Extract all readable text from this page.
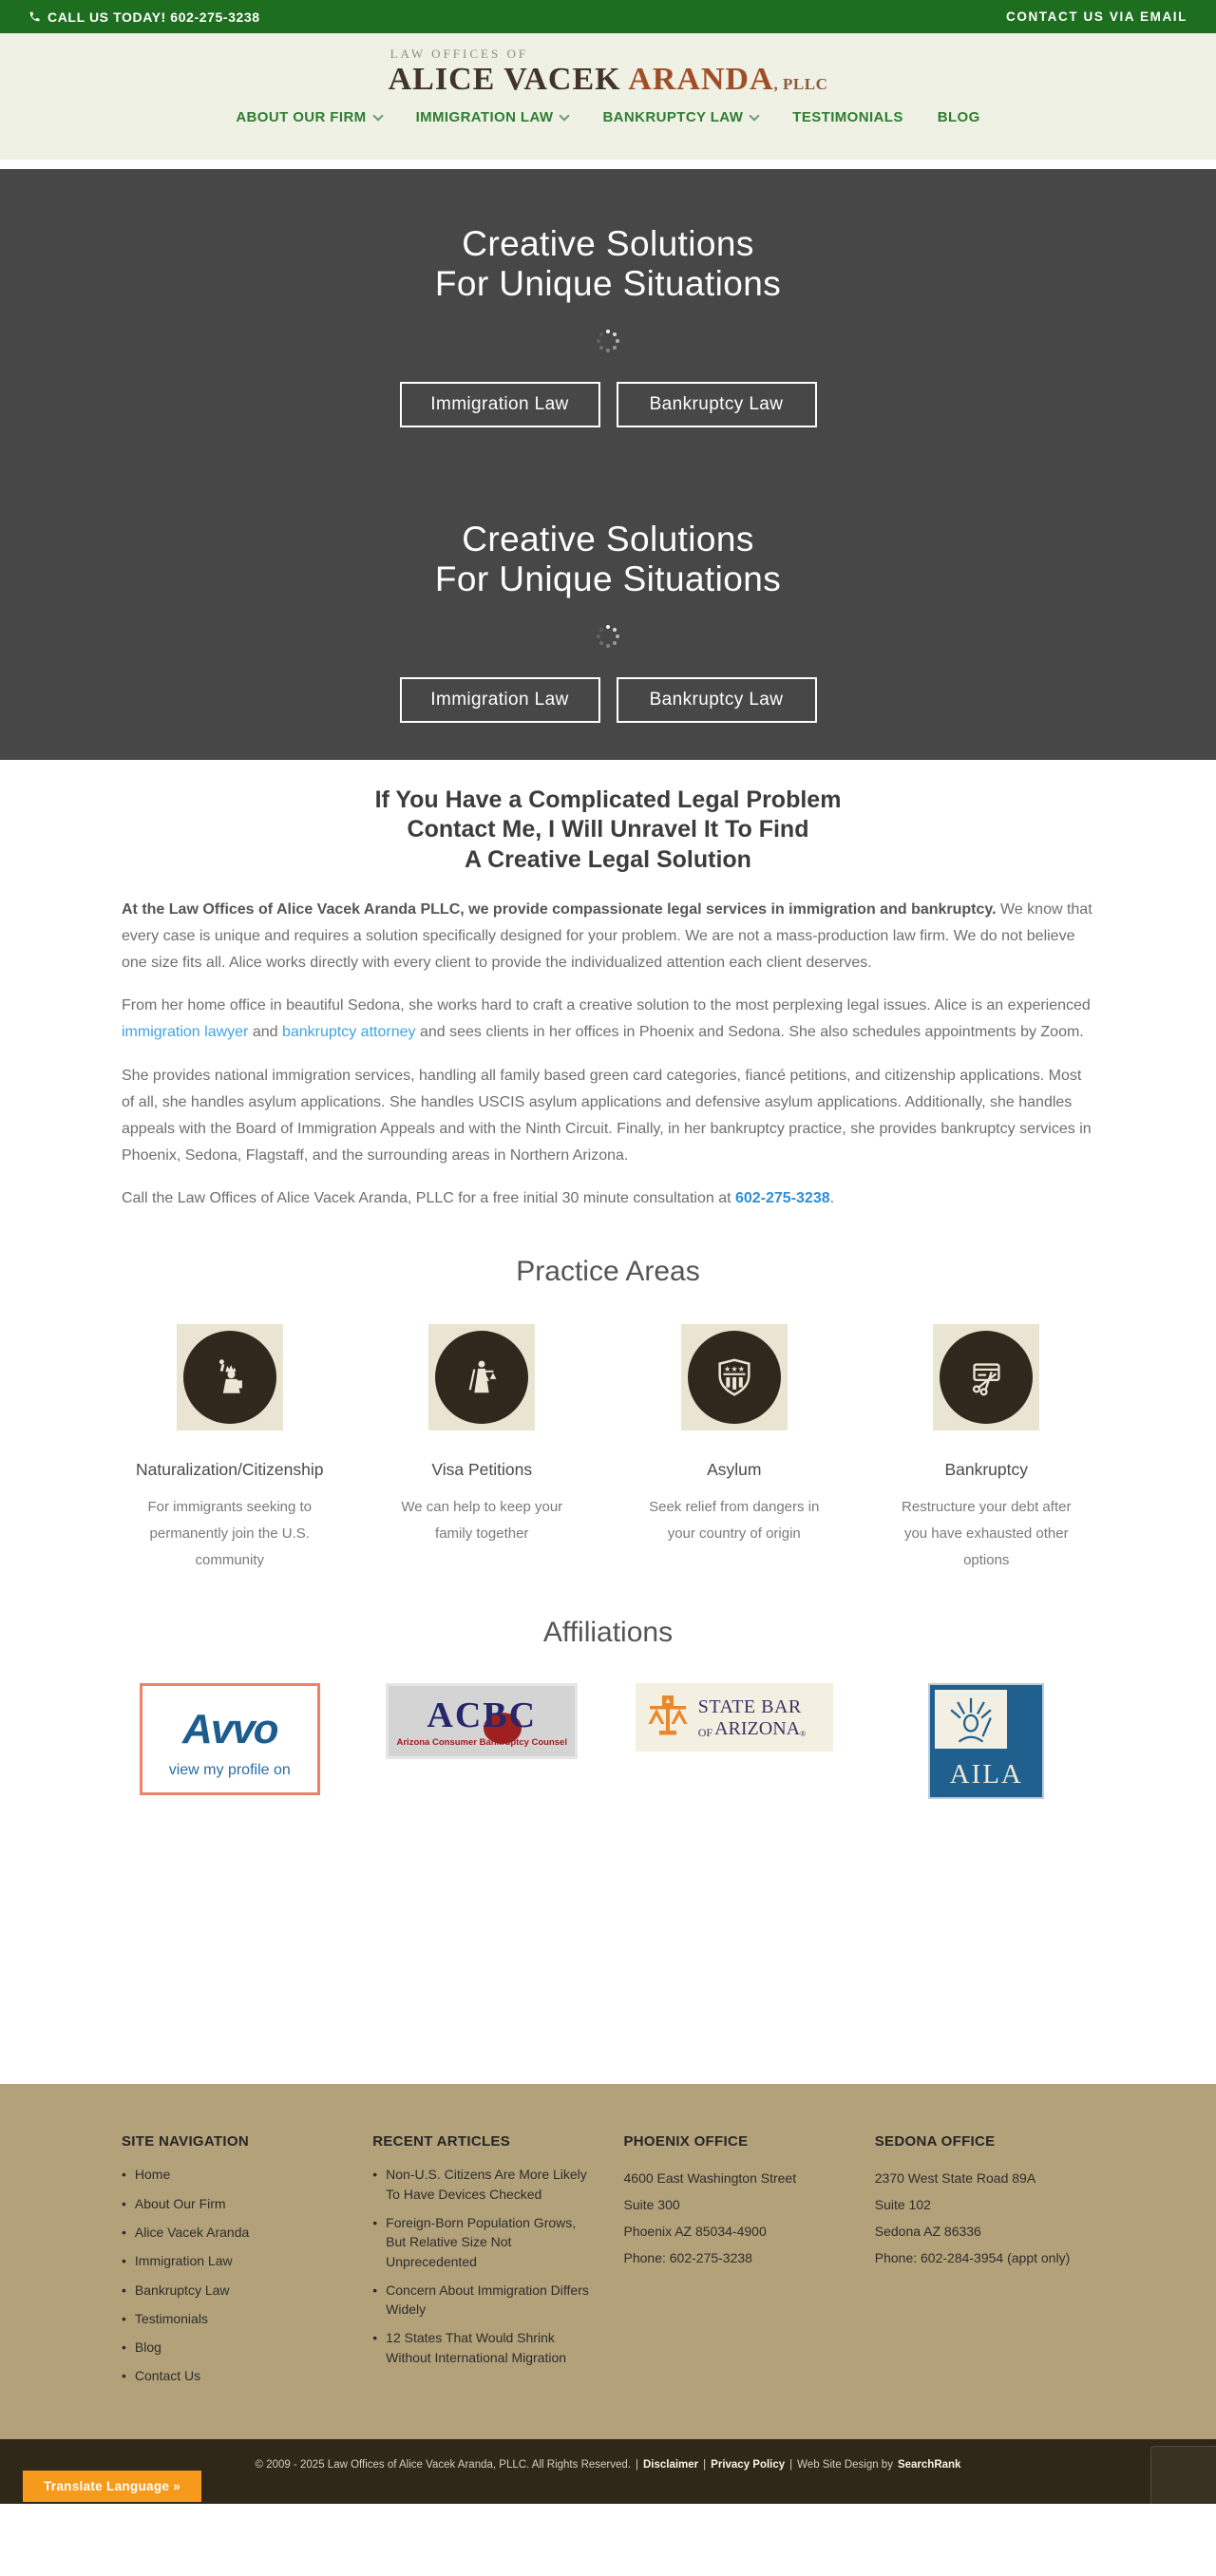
CALL US TODAY! 602-275-3238	CONTACT US VIA EMAIL
LAW OFFICES OF
ALICE VACEK ARANDA, PLLC
ABOUT OUR FIRM	IMMIGRATION LAW	BANKRUPTCY LAW	TESTIMONIALS BLOG
Creative Solutions
For Unique Situations
Immigration Law	Bankruptcy Law
Creative Solutions
For Unique Situations
Immigration Law	Bankruptcy Law
If You Have a Complicated Legal Problem
Contact Me, I Will Unravel It To Find
A Creative Legal Solution

At the Law Offices of Alice Vacek Aranda PLLC, we provide compassionate legal services in immigration and bankruptcy. We know that every case is unique and requires a solution specifically designed for your problem. We are not a mass-production law firm. We do not believe one size fits all. Alice works directly with every client to provide the individualized attention each client deserves.

From her home office in beautiful Sedona, she works hard to craft a creative solution to the most perplexing legal issues. Alice is an experienced immigration lawyer and bankruptcy attorney and sees clients in her offices in Phoenix and Sedona. She also schedules appointments by Zoom.

She provides national immigration services, handling all family based green card categories, fiancé petitions, and citizenship applications. Most of all, she handles asylum applications. She handles USCIS asylum applications and defensive asylum applications. Additionally, she handles appeals with the Board of Immigration Appeals and with the Ninth Circuit. Finally, in her bankruptcy practice, she provides bankruptcy services in Phoenix, Sedona, Flagstaff, and the surrounding areas in Northern Arizona.

Call the Law Offices of Alice Vacek Aranda, PLLC for a free initial 30 minute consultation at 602-275-3238.

Practice Areas
Naturalization/Citizenship
For immigrants seeking to permanently join the U.S. community
Visa Petitions
We can help to keep your family together
★★★
Asylum
Seek relief from dangers in your country of origin
Bankruptcy
Restructure your debt after you have exhausted other options
Affiliations
Avvo
view my profile on
ACBC
Arizona Consumer Bankruptcy Counsel
STATE BAR
OF ARIZONA ®
AILA
SITE NAVIGATION
• Home
• About Our Firm
• Alice Vacek Aranda
• Immigration Law
• Bankruptcy Law
• Testimonials
• Blog
• Contact Us
RECENT ARTICLES
• Non-U.S. Citizens Are More Likely To Have Devices Checked
• Foreign-Born Population Grows, But Relative Size Not Unprecedented
• Concern About Immigration Differs Widely
• 12 States That Would Shrink Without International Migration
PHOENIX OFFICE

4600 East Washington Street
Suite 300
Phoenix AZ 85034-4900
Phone: 602-275-3238

SEDONA OFFICE

2370 West State Road 89A
Suite 102
Sedona AZ 86336
Phone: 602-284-3954 (appt only)

© 2009 - 2025 Law Offices of Alice Vacek Aranda, PLLC. All Rights Reserved. | Disclaimer | Privacy Policy | Web Site Design by SearchRank
Translate Language »
